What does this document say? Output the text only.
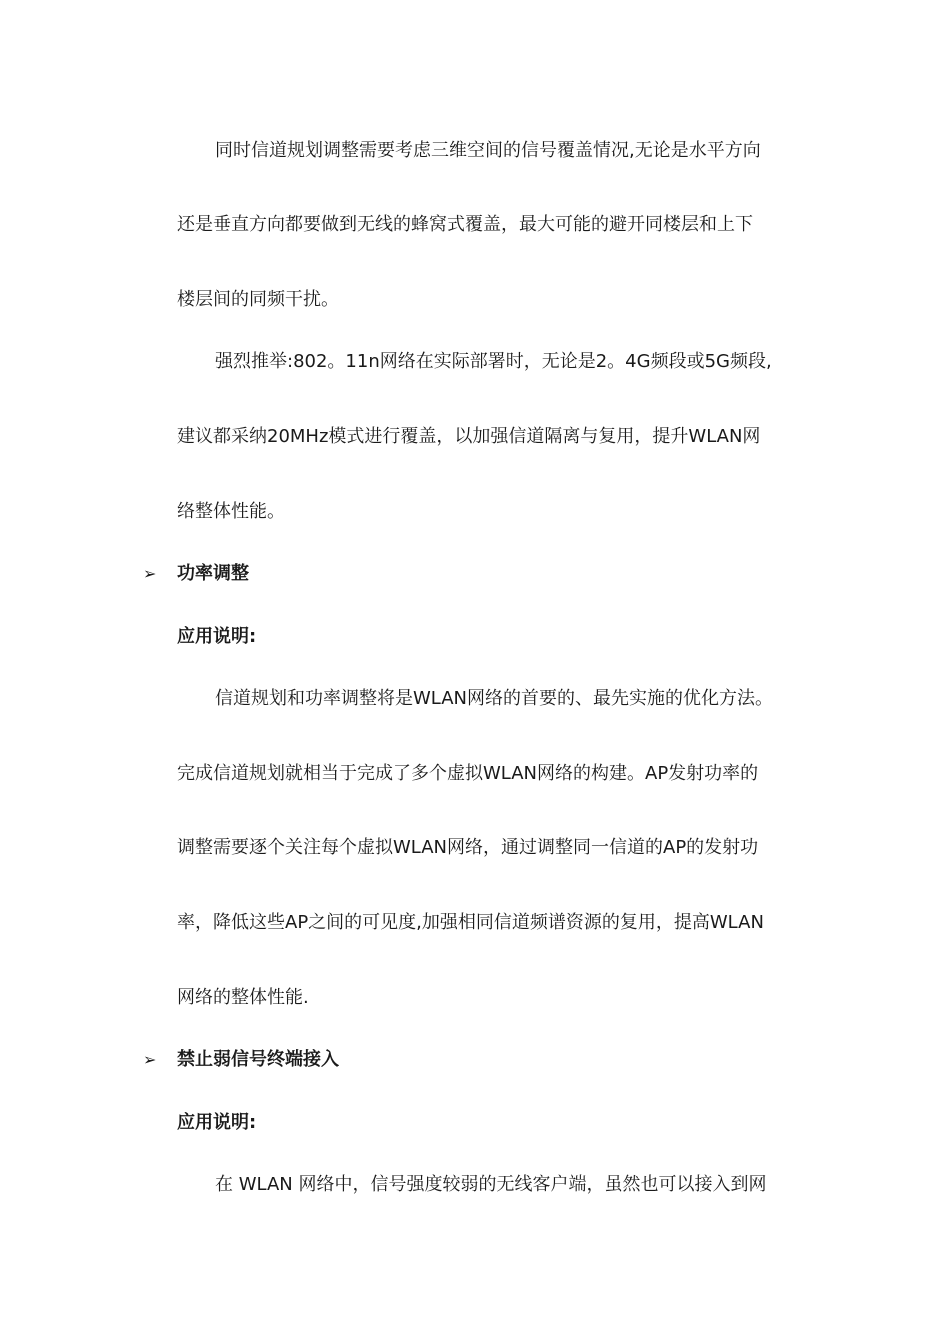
同时信道规划调整需要考虑三维空间的信号覆盖情况,无论是水平方向
还是垂直方向都要做到无线的蜂窝式覆盖，最大可能的避开同楼层和上下
楼层间的同频干扰。
强烈推举:802。11n网络在实际部署时，无论是2。4G频段或5G频段,
建议都采纳20MHz模式进行覆盖，以加强信道隔离与复用，提升WLAN网
络整体性能。
➢ 功率调整
应用说明:
信道规划和功率调整将是WLAN网络的首要的、最先实施的优化方法。
完成信道规划就相当于完成了多个虚拟WLAN网络的构建。AP发射功率的
调整需要逐个关注每个虚拟WLAN网络，通过调整同一信道的AP的发射功
率，降低这些AP之间的可见度,加强相同信道频谱资源的复用，提高WLAN
网络的整体性能.
➢ 禁止弱信号终端接入
应用说明:
在 WLAN 网络中，信号强度较弱的无线客户端，虽然也可以接入到网
